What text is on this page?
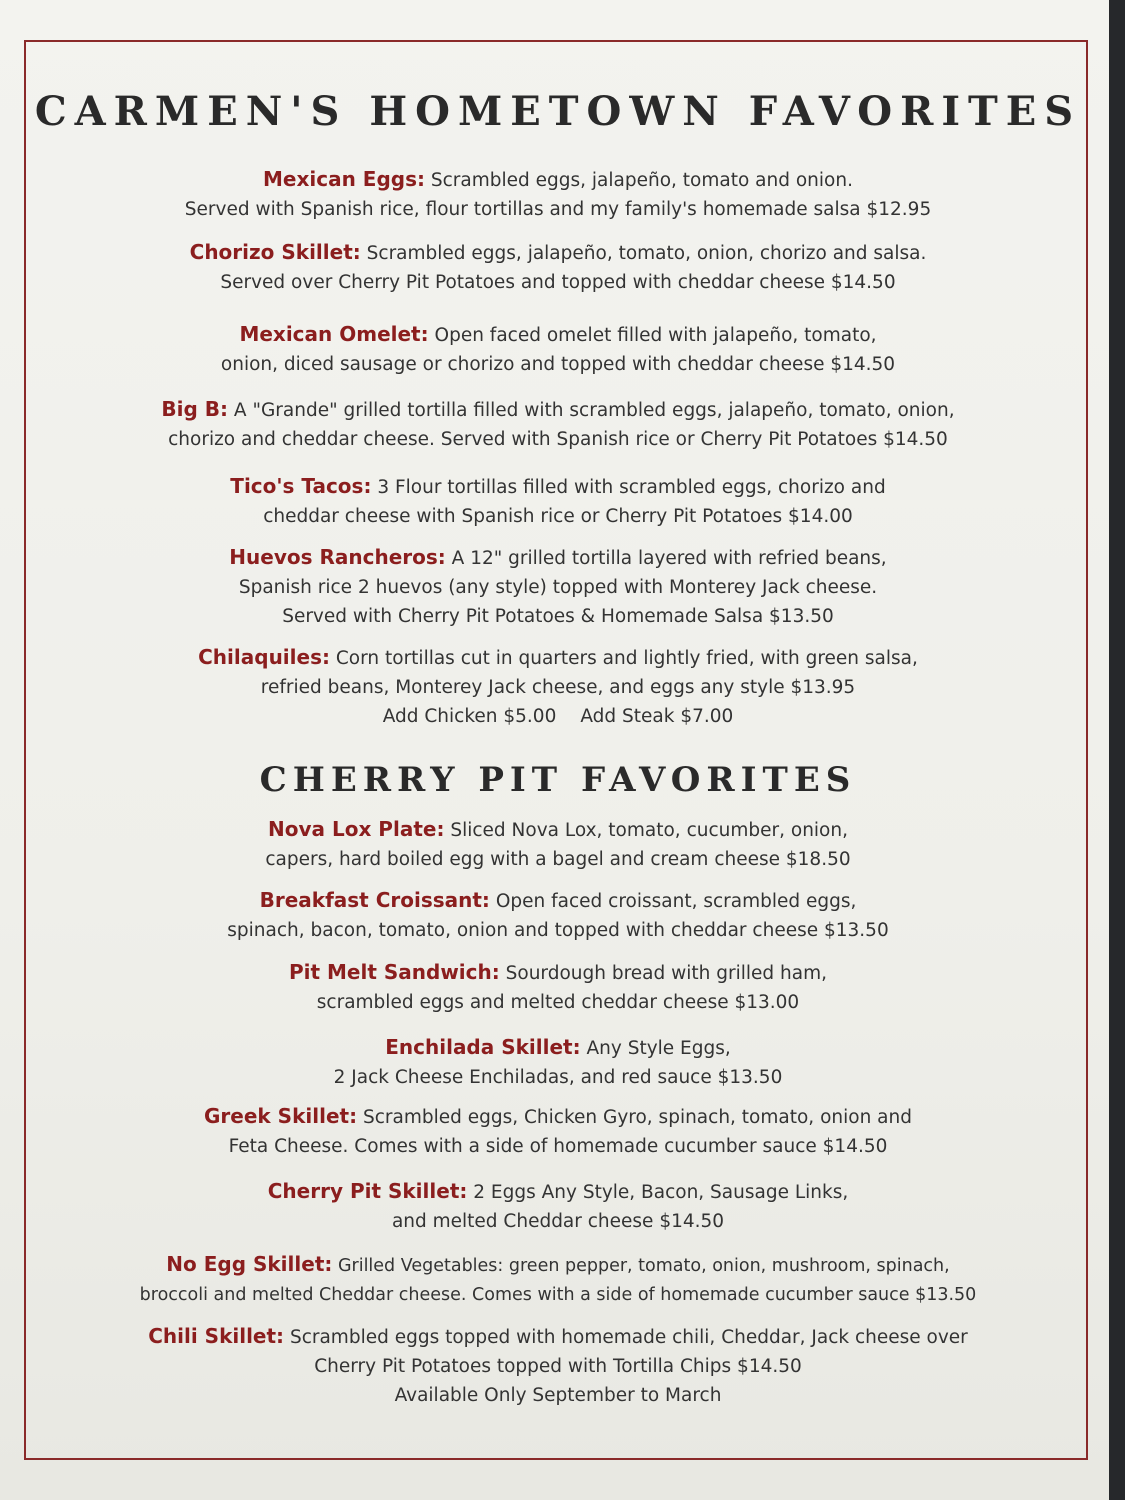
CARMEN'S HOMETOWN FAVORITES
Mexican Eggs: Scrambled eggs, jalapeño, tomato and onion.
Served with Spanish rice, flour tortillas and my family's homemade salsa $12.95
Chorizo Skillet: Scrambled eggs, jalapeño, tomato, onion, chorizo and salsa.
Served over Cherry Pit Potatoes and topped with cheddar cheese $14.50
Mexican Omelet: Open faced omelet filled with jalapeño, tomato,
onion, diced sausage or chorizo and topped with cheddar cheese $14.50
Big B: A "Grande" grilled tortilla filled with scrambled eggs, jalapeño, tomato, onion,
chorizo and cheddar cheese. Served with Spanish rice or Cherry Pit Potatoes $14.50
Tico's Tacos: 3 Flour tortillas filled with scrambled eggs, chorizo and
cheddar cheese with Spanish rice or Cherry Pit Potatoes $14.00
Huevos Rancheros: A 12" grilled tortilla layered with refried beans,
Spanish rice 2 huevos (any style) topped with Monterey Jack cheese.
Served with Cherry Pit Potatoes & Homemade Salsa $13.50
Chilaquiles: Corn tortillas cut in quarters and lightly fried, with green salsa,
refried beans, Monterey Jack cheese, and eggs any style $13.95
Add Chicken $5.00 Add Steak $7.00
CHERRY PIT FAVORITES
Nova Lox Plate: Sliced Nova Lox, tomato, cucumber, onion,
capers, hard boiled egg with a bagel and cream cheese $18.50
Breakfast Croissant: Open faced croissant, scrambled eggs,
spinach, bacon, tomato, onion and topped with cheddar cheese $13.50
Pit Melt Sandwich: Sourdough bread with grilled ham,
scrambled eggs and melted cheddar cheese $13.00
Enchilada Skillet: Any Style Eggs,
2 Jack Cheese Enchiladas, and red sauce $13.50
Greek Skillet: Scrambled eggs, Chicken Gyro, spinach, tomato, onion and
Feta Cheese. Comes with a side of homemade cucumber sauce $14.50
Cherry Pit Skillet: 2 Eggs Any Style, Bacon, Sausage Links,
and melted Cheddar cheese $14.50
No Egg Skillet: Grilled Vegetables: green pepper, tomato, onion, mushroom, spinach,
broccoli and melted Cheddar cheese. Comes with a side of homemade cucumber sauce $13.50
Chili Skillet: Scrambled eggs topped with homemade chili, Cheddar, Jack cheese over
Cherry Pit Potatoes topped with Tortilla Chips $14.50
Available Only September to March
